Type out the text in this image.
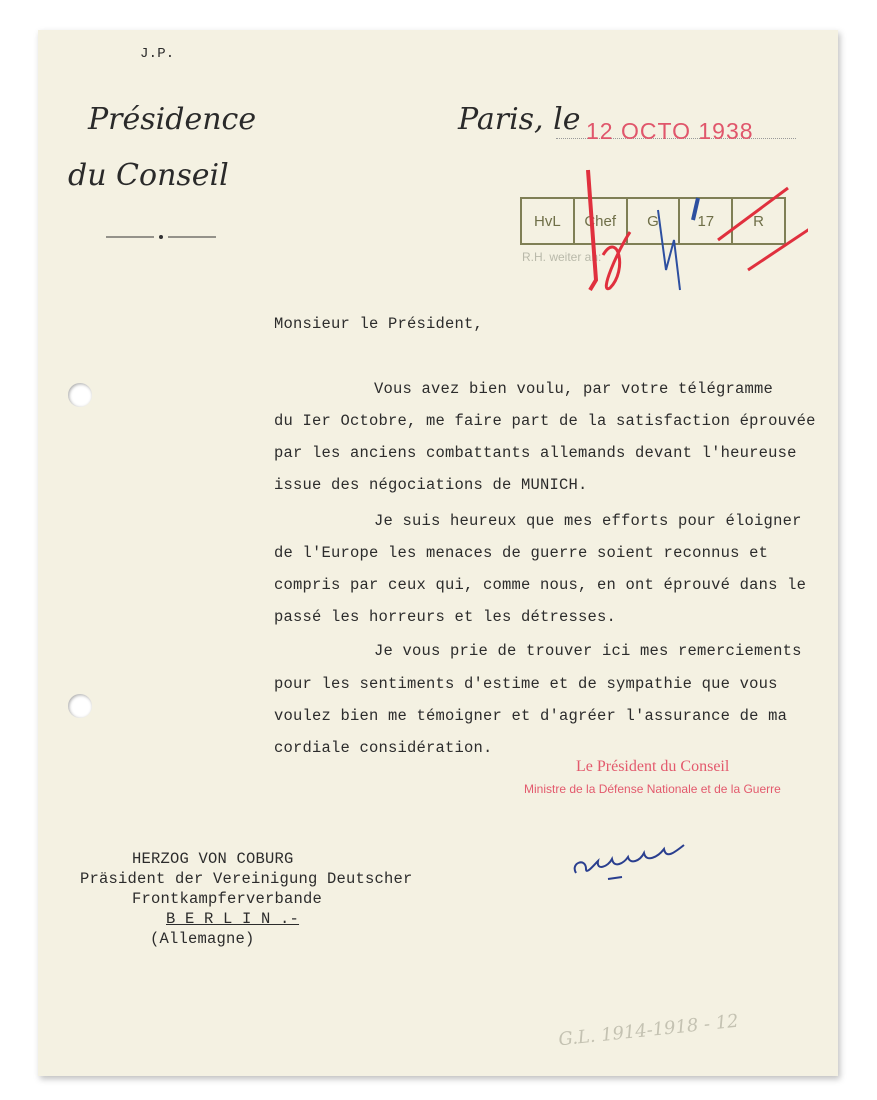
J.P.
Présidence
du Conseil
Paris, le 12 OCTO 1938
HvL	Chef	G	17	R
R.H. weiter an:
Monsieur le Président,
Vous avez bien voulu, par votre télégramme
du Ier Octobre, me faire part de la satisfaction éprouvée
par les anciens combattants allemands devant l'heureuse
issue des négociations de MUNICH.
Je suis heureux que mes efforts pour éloigner
de l'Europe les menaces de guerre soient reconnus et
compris par ceux qui, comme nous, en ont éprouvé dans le
passé les horreurs et les détresses.
Je vous prie de trouver ici mes remerciements
pour les sentiments d'estime et de sympathie que vous
voulez bien me témoigner et d'agréer l'assurance de ma
cordiale considération.
Le Président du Conseil
Ministre de la Défense Nationale et de la Guerre
HERZOG VON COBURG
Präsident der Vereinigung Deutscher
Frontkampferverbande
B E R L I N .-
(Allemagne)
G.L. 1914-1918 - 12
